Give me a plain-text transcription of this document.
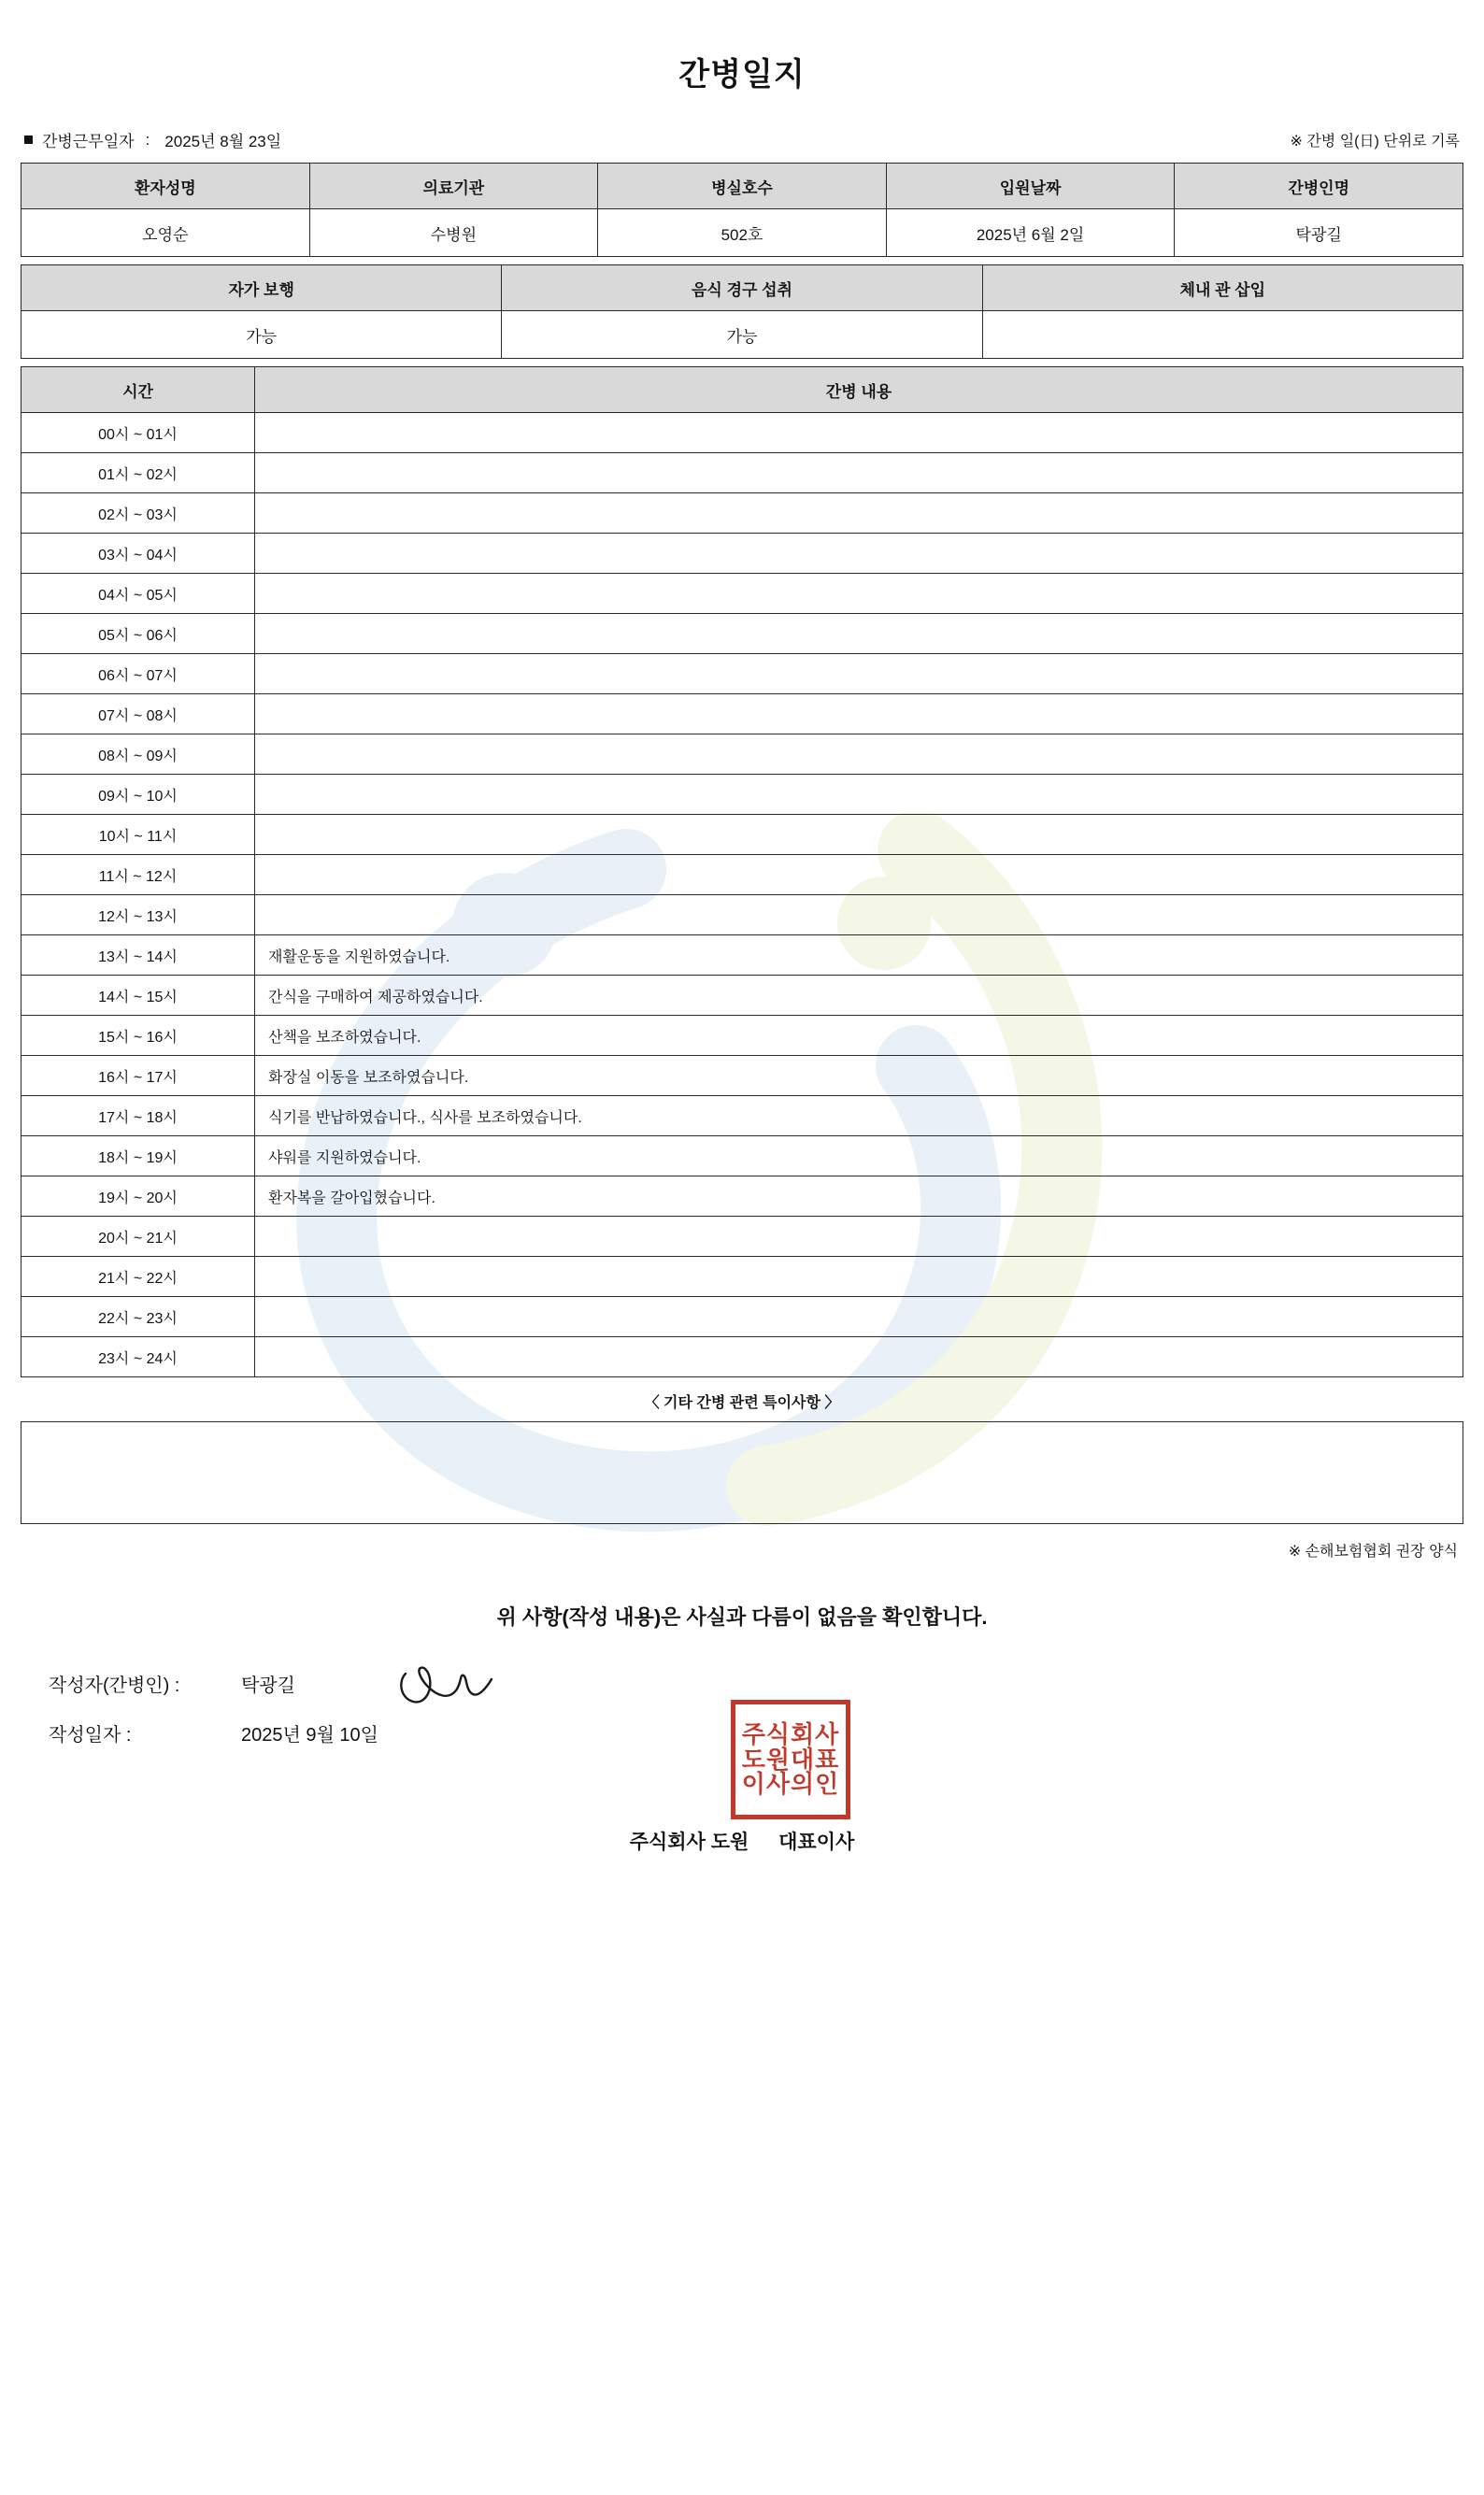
간병일지
간병근무일자 : 2025년 8월 23일	※ 간병 일(日) 단위로 기록
환자성명	의료기관	병실호수	입원날짜	간병인명
오영순	수병원	502호	2025년 6월 2일	탁광길
자가 보행	음식 경구 섭취	체내 관 삽입
가능	가능	
시간	간병 내용
00시 ~ 01시	
01시 ~ 02시	
02시 ~ 03시	
03시 ~ 04시	
04시 ~ 05시	
05시 ~ 06시	
06시 ~ 07시	
07시 ~ 08시	
08시 ~ 09시	
09시 ~ 10시	
10시 ~ 11시	
11시 ~ 12시	
12시 ~ 13시	
13시 ~ 14시	재활운동을 지원하였습니다.
14시 ~ 15시	간식을 구매하여 제공하였습니다.
15시 ~ 16시	산책을 보조하였습니다.
16시 ~ 17시	화장실 이동을 보조하였습니다.
17시 ~ 18시	식기를 반납하였습니다., 식사를 보조하였습니다.
18시 ~ 19시	샤워를 지원하였습니다.
19시 ~ 20시	환자복을 갈아입혔습니다.
20시 ~ 21시	
21시 ~ 22시	
22시 ~ 23시	
23시 ~ 24시	
〈 기타 간병 관련 특이사항 〉
※ 손해보험협회 권장 양식
위 사항(작성 내용)은 사실과 다름이 없음을 확인합니다.
작성자(간병인) :	탁광길
작성일자 :	2025년 9월 10일	주식회사
도원대표
이사의인
주식회사 도원 대표이사
